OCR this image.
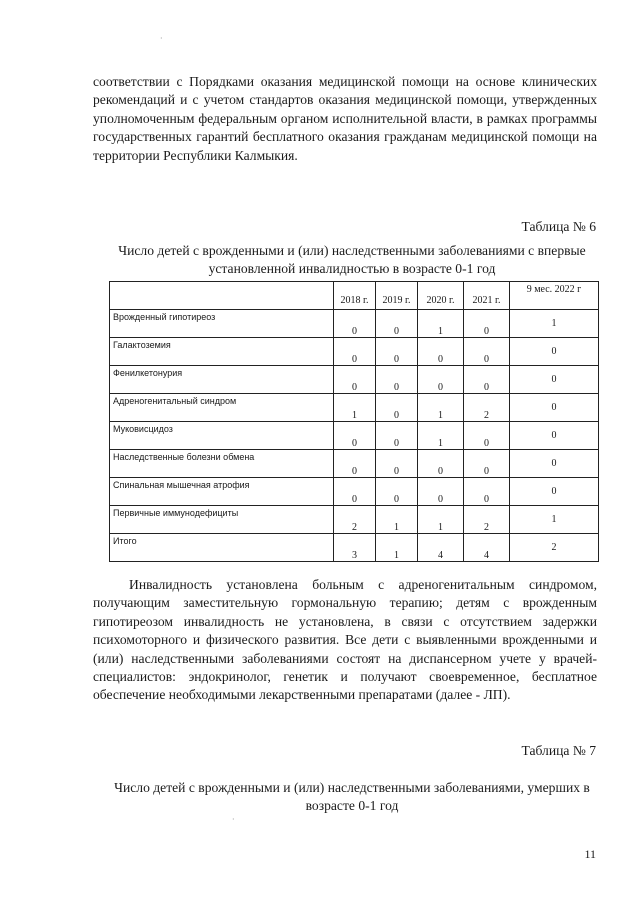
·
·

соответствии с Порядками оказания медицинской помощи на основе клинических рекомендаций и с учетом стандартов оказания медицинской помощи, утвержденных уполномоченным федеральным органом исполнительной власти, в рамках программы государственных гарантий бесплатного оказания гражданам медицинской помощи на территории Республики Калмыкия.

Таблица № 6

Число детей с врожденными и (или) наследственными заболеваниями с впервые установленной инвалидностью в возрасте 0-1 год

	2018 г.	2019 г.	2020 г.	2021 г.	9 мес. 2022 г
Врожденный гипотиреоз	0	0	1	0	1
Галактоземия	0	0	0	0	0
Фенилкетонурия	0	0	0	0	0
Адреногенитальный синдром	1	0	1	2	0
Муковисцидоз	0	0	1	0	0
Наследственные болезни обмена	0	0	0	0	0
Спинальная мышечная атрофия	0	0	0	0	0
Первичные иммунодефициты	2	1	1	2	1
Итого	3	1	4	4	2

Инвалидность установлена больным с адреногенитальным синдромом, получающим заместительную гормональную терапию; детям с врожденным гипотиреозом инвалидность не установлена, в связи с отсутствием задержки психомоторного и физического развития. Все дети с выявленными врожденными и (или) наследственными заболеваниями состоят на диспансерном учете у врачей-специалистов: эндокринолог, генетик и получают своевременное, бесплатное обеспечение необходимыми лекарственными препаратами (далее - ЛП).

Таблица № 7

Число детей с врожденными и (или) наследственными заболеваниями, умерших в возрасте 0-1 год

11
